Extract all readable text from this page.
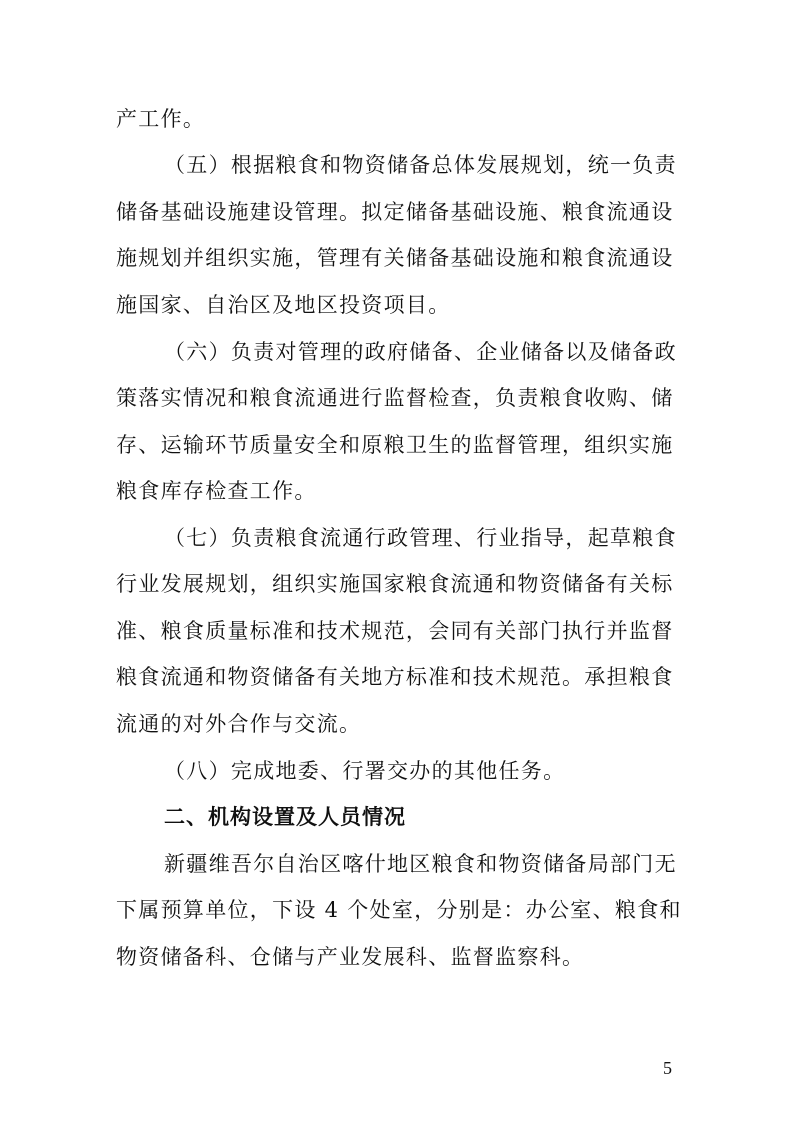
产工作。
（五）根据粮食和物资储备总体发展规划，统一负责
储备基础设施建设管理。拟定储备基础设施、粮食流通设
施规划并组织实施，管理有关储备基础设施和粮食流通设
施国家、自治区及地区投资项目。
（六）负责对管理的政府储备、企业储备以及储备政
策落实情况和粮食流通进行监督检查，负责粮食收购、储
存、运输环节质量安全和原粮卫生的监督管理，组织实施
粮食库存检查工作。
（七）负责粮食流通行政管理、行业指导，起草粮食
行业发展规划，组织实施国家粮食流通和物资储备有关标
准、粮食质量标准和技术规范，会同有关部门执行并监督
粮食流通和物资储备有关地方标准和技术规范。承担粮食
流通的对外合作与交流。
（八）完成地委、行署交办的其他任务。
二、机构设置及人员情况
新疆维吾尔自治区喀什地区粮食和物资储备局部门无
下属预算单位，下设 4 个处室，分别是：办公室、粮食和
物资储备科、仓储与产业发展科、监督监察科。
5
